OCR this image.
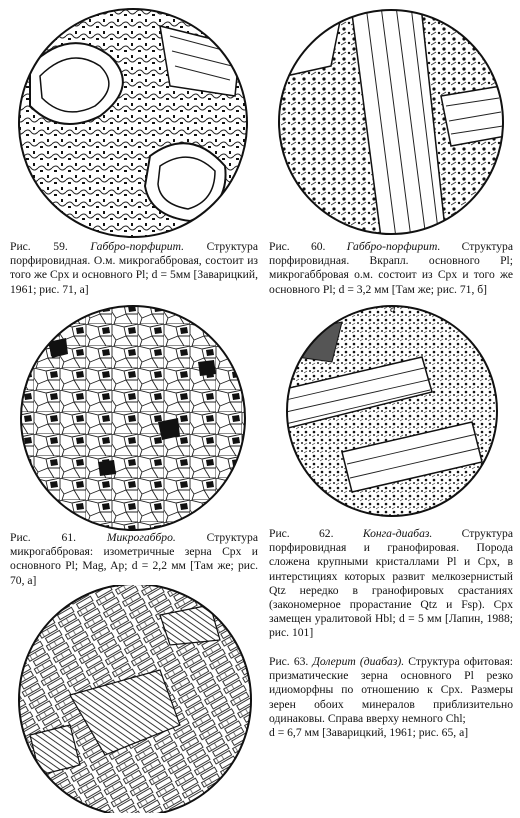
Рис. 59. Габбро-порфирит. Структура порфировидная. О.м. микрогаббровая, состоит из того же Cpx и основного Pl; d = 5мм [Заварицкий, 1961; рис. 71, а]
Рис. 60. Габбро-порфирит. Структура порфировидная. Вкрапл. основного Pl; микрогаббровая о.м. состоит из Cpx и того же основного Pl; d = 3,2 мм [Там же; рис. 71, б]
а
Рис. 61.	Микрогаббро.	Структура микрогаббровая: изометричные зерна Cpx и основного Pl; Mag, Ap; d = 2,2 мм [Там же; рис. 70, а]
Рис. 62.	Конга-диабаз.	Структура порфировидная и гранофировая. Порода сложена крупными кристаллами Pl и Cpx, в интерстициях которых развит мелкозернистый Qtz нередко в гранофировых срастаниях (закономерное прорастание Qtz и Fsp). Cpx замещен уралитовой Hbl; d = 5 мм [Лапин, 1988; рис. 101]
Рис. 63. Долерит (диабаз). Структура офитовая: призматические зерна основного Pl резко идиоморфны по отношению к Cpx. Размеры зерен обоих минералов приблизительно одинаковы. Справа вверху немного Chl;
d = 6,7 мм [Заварицкий, 1961; рис. 65, а]
